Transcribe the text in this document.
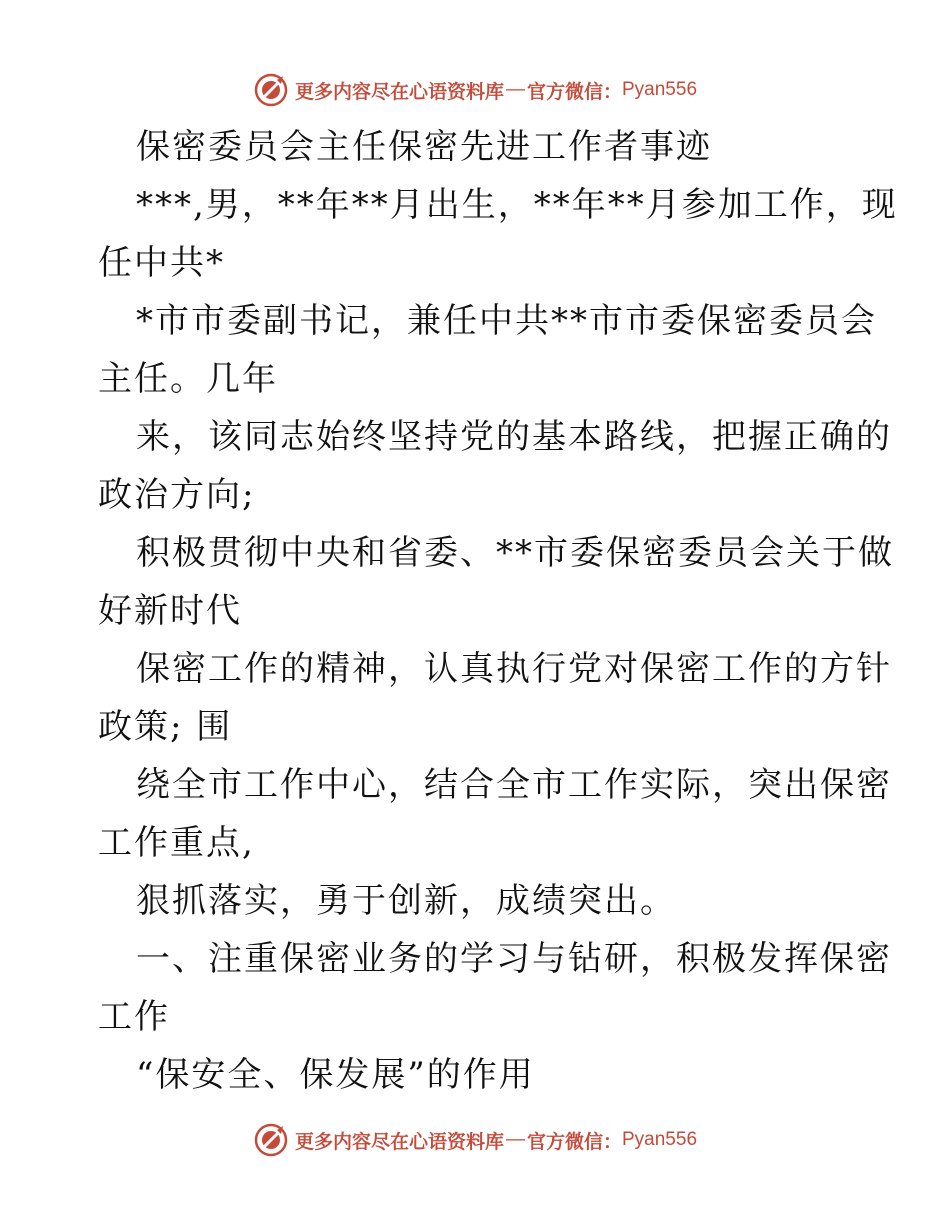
更多内容尽在心语资料库 — 官方微信： Pyan556
保密委员会主任保密先进工作者事迹
***,男，**年**月出生，**年**月参加工作，现
任中共*
*市市委副书记，兼任中共**市市委保密委员会
主任。几年
来，该同志始终坚持党的基本路线，把握正确的
政治方向;
积极贯彻中央和省委、**市委保密委员会关于做
好新时代
保密工作的精神，认真执行党对保密工作的方针
政策; 围
绕全市工作中心，结合全市工作实际，突出保密
工作重点,
狠抓落实，勇于创新，成绩突出。
一、注重保密业务的学习与钻研，积极发挥保密
工作
“保安全、保发展”的作用
更多内容尽在心语资料库 — 官方微信： Pyan556
